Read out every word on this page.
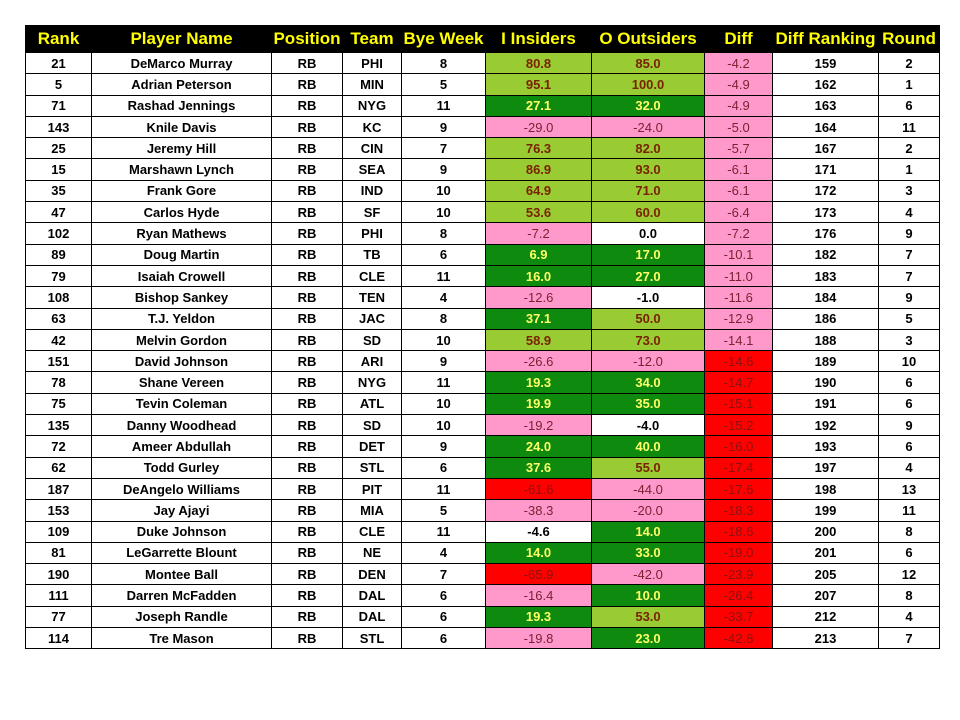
Rank	Player Name	Position	Team	Bye Week	I Insiders	O Outsiders	Diff	Diff Ranking	Round
21	DeMarco Murray	RB	PHI	8	80.8	85.0	-4.2	159	2
5	Adrian Peterson	RB	MIN	5	95.1	100.0	-4.9	162	1
71	Rashad Jennings	RB	NYG	11	27.1	32.0	-4.9	163	6
143	Knile Davis	RB	KC	9	-29.0	-24.0	-5.0	164	11
25	Jeremy Hill	RB	CIN	7	76.3	82.0	-5.7	167	2
15	Marshawn Lynch	RB	SEA	9	86.9	93.0	-6.1	171	1
35	Frank Gore	RB	IND	10	64.9	71.0	-6.1	172	3
47	Carlos Hyde	RB	SF	10	53.6	60.0	-6.4	173	4
102	Ryan Mathews	RB	PHI	8	-7.2	0.0	-7.2	176	9
89	Doug Martin	RB	TB	6	6.9	17.0	-10.1	182	7
79	Isaiah Crowell	RB	CLE	11	16.0	27.0	-11.0	183	7
108	Bishop Sankey	RB	TEN	4	-12.6	-1.0	-11.6	184	9
63	T.J. Yeldon	RB	JAC	8	37.1	50.0	-12.9	186	5
42	Melvin Gordon	RB	SD	10	58.9	73.0	-14.1	188	3
151	David Johnson	RB	ARI	9	-26.6	-12.0	-14.6	189	10
78	Shane Vereen	RB	NYG	11	19.3	34.0	-14.7	190	6
75	Tevin Coleman	RB	ATL	10	19.9	35.0	-15.1	191	6
135	Danny Woodhead	RB	SD	10	-19.2	-4.0	-15.2	192	9
72	Ameer Abdullah	RB	DET	9	24.0	40.0	-16.0	193	6
62	Todd Gurley	RB	STL	6	37.6	55.0	-17.4	197	4
187	DeAngelo Williams	RB	PIT	11	-61.6	-44.0	-17.6	198	13
153	Jay Ajayi	RB	MIA	5	-38.3	-20.0	-18.3	199	11
109	Duke Johnson	RB	CLE	11	-4.6	14.0	-18.6	200	8
81	LeGarrette Blount	RB	NE	4	14.0	33.0	-19.0	201	6
190	Montee Ball	RB	DEN	7	-65.9	-42.0	-23.9	205	12
111	Darren McFadden	RB	DAL	6	-16.4	10.0	-26.4	207	8
77	Joseph Randle	RB	DAL	6	19.3	53.0	-33.7	212	4
114	Tre Mason	RB	STL	6	-19.8	23.0	-42.8	213	7
